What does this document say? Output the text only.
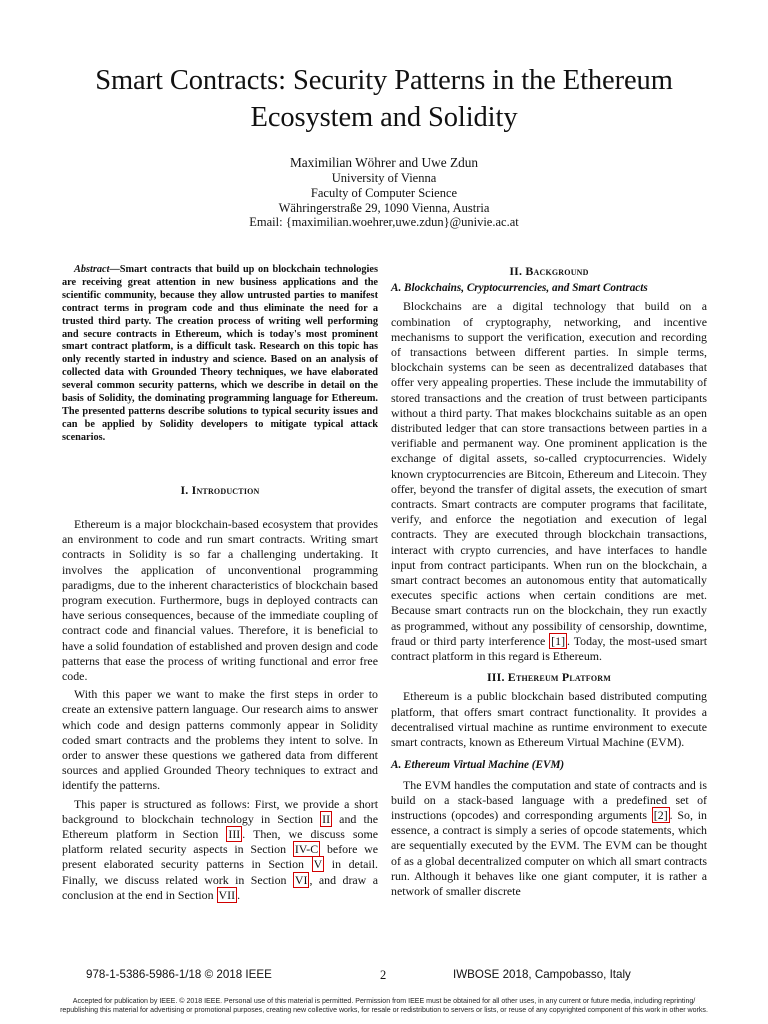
Smart Contracts: Security Patterns in the Ethereum
Ecosystem and Solidity
Maximilian Wöhrer and Uwe Zdun
University of Vienna
Faculty of Computer Science
Währingerstraße 29, 1090 Vienna, Austria
Email: {maximilian.woehrer,uwe.zdun}@univie.ac.at

Abstract—Smart contracts that build up on blockchain technologies are receiving great attention in new business applications and the scientific community, because they allow untrusted parties to manifest contract terms in program code and thus eliminate the need for a trusted third party. The creation process of writing well performing and secure contracts in Ethereum, which is today's most prominent smart contract platform, is a difficult task. Research on this topic has only recently started in industry and science. Based on an analysis of collected data with Grounded Theory techniques, we have elaborated several common security patterns, which we describe in detail on the basis of Solidity, the dominating programming language for Ethereum. The presented patterns describe solutions to typical security issues and can be applied by Solidity developers to mitigate typical attack scenarios.

I. Introduction

Ethereum is a major blockchain-based ecosystem that provides an environment to code and run smart contracts. Writing smart contracts in Solidity is so far a challenging undertaking. It involves the application of unconventional programming paradigms, due to the inherent characteristics of blockchain based program execution. Furthermore, bugs in deployed contracts can have serious consequences, because of the immediate coupling of contract code and financial values. Therefore, it is beneficial to have a solid foundation of established and proven design and code patterns that ease the process of writing functional and error free code.

With this paper we want to make the first steps in order to create an extensive pattern language. Our research aims to answer which code and design patterns commonly appear in Solidity coded smart contracts and the problems they intent to solve. In order to answer these questions we gathered data from different sources and applied Grounded Theory techniques to extract and identify the patterns.

This paper is structured as follows: First, we provide a short background to blockchain technology in Section II and the Ethereum platform in Section III . Then, we discuss some platform related security aspects in Section IV-C before we present elaborated security patterns in Section V in detail. Finally, we discuss related work in Section VI , and draw a conclusion at the end in Section VII .

II. Background
A. Blockchains, Cryptocurrencies, and Smart Contracts

Blockchains are a digital technology that build on a combination of cryptography, networking, and incentive mechanisms to support the verification, execution and recording of transactions between different parties. In simple terms, blockchain systems can be seen as decentralized databases that offer very appealing properties. These include the immutability of stored transactions and the creation of trust between participants without a third party. That makes blockchains suitable as an open distributed ledger that can store transactions between parties in a verifiable and permanent way. One prominent application is the exchange of digital assets, so-called cryptocurrencies. Widely known cryptocurrencies are Bitcoin, Ethereum and Litecoin. They offer, beyond the transfer of digital assets, the execution of smart contracts. Smart contracts are computer programs that facilitate, verify, and enforce the negotiation and execution of legal contracts. They are executed through blockchain transactions, interact with crypto currencies, and have interfaces to handle input from contract participants. When run on the blockchain, a smart contract becomes an autonomous entity that automatically executes specific actions when certain conditions are met. Because smart contracts run on the blockchain, they run exactly as programmed, without any possibility of censorship, downtime, fraud or third party interference [1] . Today, the most-used smart contract platform in this regard is Ethereum.

III. Ethereum Platform

Ethereum is a public blockchain based distributed computing platform, that offers smart contract functionality. It provides a decentralised virtual machine as runtime environment to execute smart contracts, known as Ethereum Virtual Machine (EVM).

A. Ethereum Virtual Machine (EVM)

The EVM handles the computation and state of contracts and is build on a stack-based language with a predefined set of instructions (opcodes) and corresponding arguments [2] . So, in essence, a contract is simply a series of opcode statements, which are sequentially executed by the EVM. The EVM can be thought of as a global decentralized computer on which all smart contracts run. Although it behaves like one giant computer, it is rather a network of smaller discrete

978-1-5386-5986-1/18 © 2018 IEEE	2	IWBOSE 2018, Campobasso, Italy
Accepted for publication by IEEE. © 2018 IEEE. Personal use of this material is permitted. Permission from IEEE must be obtained for all other uses, in any current or future media, including reprinting/
republishing this material for advertising or promotional purposes, creating new collective works, for resale or redistribution to servers or lists, or reuse of any copyrighted component of this work in other works.
